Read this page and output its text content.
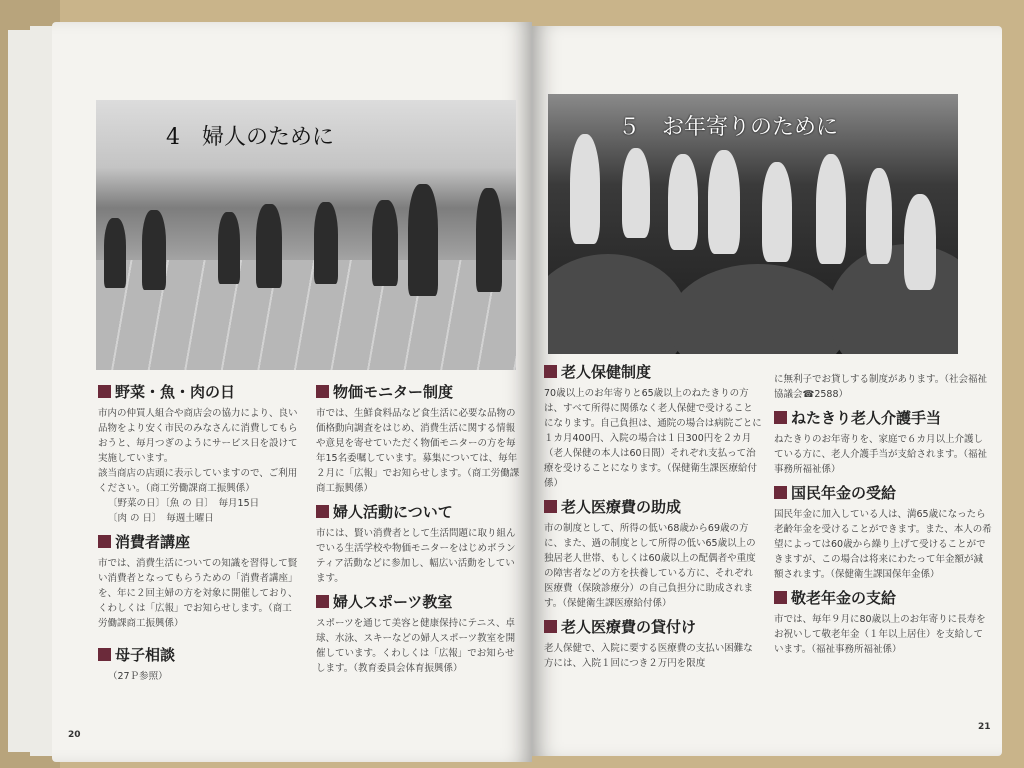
4　婦人のために
野菜・魚・肉の日
市内の仲買人組合や商店会の協力により、良い品物をより安く市民のみなさんに消費してもらおうと、毎月つぎのようにサービス日を設けて実施しています。
該当商店の店頭に表示していますので、ご利用ください。（商工労働課商工振興係）
〔野菜の日〕〔魚 の 日〕　毎月15日
〔肉 の 日〕　毎週土曜日
消費者講座
市では、消費生活についての知識を習得して賢い消費者となってもらうための「消費者講座」を、年に２回主婦の方を対象に開催しており、くわしくは「広報」でお知らせします。（商工労働課商工振興係）
母子相談
（27Ｐ参照）
物価モニター制度
市では、生鮮食料品など食生活に必要な品物の価格動向調査をはじめ、消費生活に関する情報や意見を寄せていただく物価モニターの方を毎年15名委嘱しています。募集については、毎年２月に「広報」でお知らせします。（商工労働課商工振興係）
婦人活動について
市には、賢い消費者として生活問題に取り組んでいる生活学校や物価モニターをはじめボランティア活動などに参加し、幅広い活動をしています。
婦人スポーツ教室
スポーツを通じて美容と健康保持にテニス、卓球、水泳、スキーなどの婦人スポーツ教室を開催しています。くわしくは「広報」でお知らせします。（教育委員会体育振興係）
20
５　お年寄りのために
老人保健制度
70歳以上のお年寄りと65歳以上のねたきりの方は、すべて所得に関係なく老人保健で受けることになります。自己負担は、通院の場合は病院ごとに１カ月400円、入院の場合は１日300円を２カ月（老人保健の本人は60日間）それぞれ支払って治療を受けることになります。（保健衛生課医療給付係）
老人医療費の助成
市の制度として、所得の低い68歳から69歳の方に、また、過の制度として所得の低い65歳以上の独居老人世帯、もしくは60歳以上の配偶者や重度の障害者などの方を扶養している方に、それぞれ医療費（保険診療分）の自己負担分に助成されます。（保健衛生課医療給付係）
老人医療費の貸付け
老人保健で、入院に要する医療費の支払い困難な方には、入院１回につき２万円を限度
に無利子でお貸しする制度があります。（社会福祉協議会☎2588）
ねたきり老人介護手当
ねたきりのお年寄りを、家庭で６カ月以上介護している方に、老人介護手当が支給されます。（福祉事務所福祉係）
国民年金の受給
国民年金に加入している人は、満65歳になったら老齢年金を受けることができます。また、本人の希望によっては60歳から繰り上げて受けることができますが、この場合は将来にわたって年金額が減額されます。（保健衛生課国保年金係）
敬老年金の支給
市では、毎年９月に80歳以上のお年寄りに長寿をお祝いして敬老年金（１年以上居住）を支給しています。（福祉事務所福祉係）
21
